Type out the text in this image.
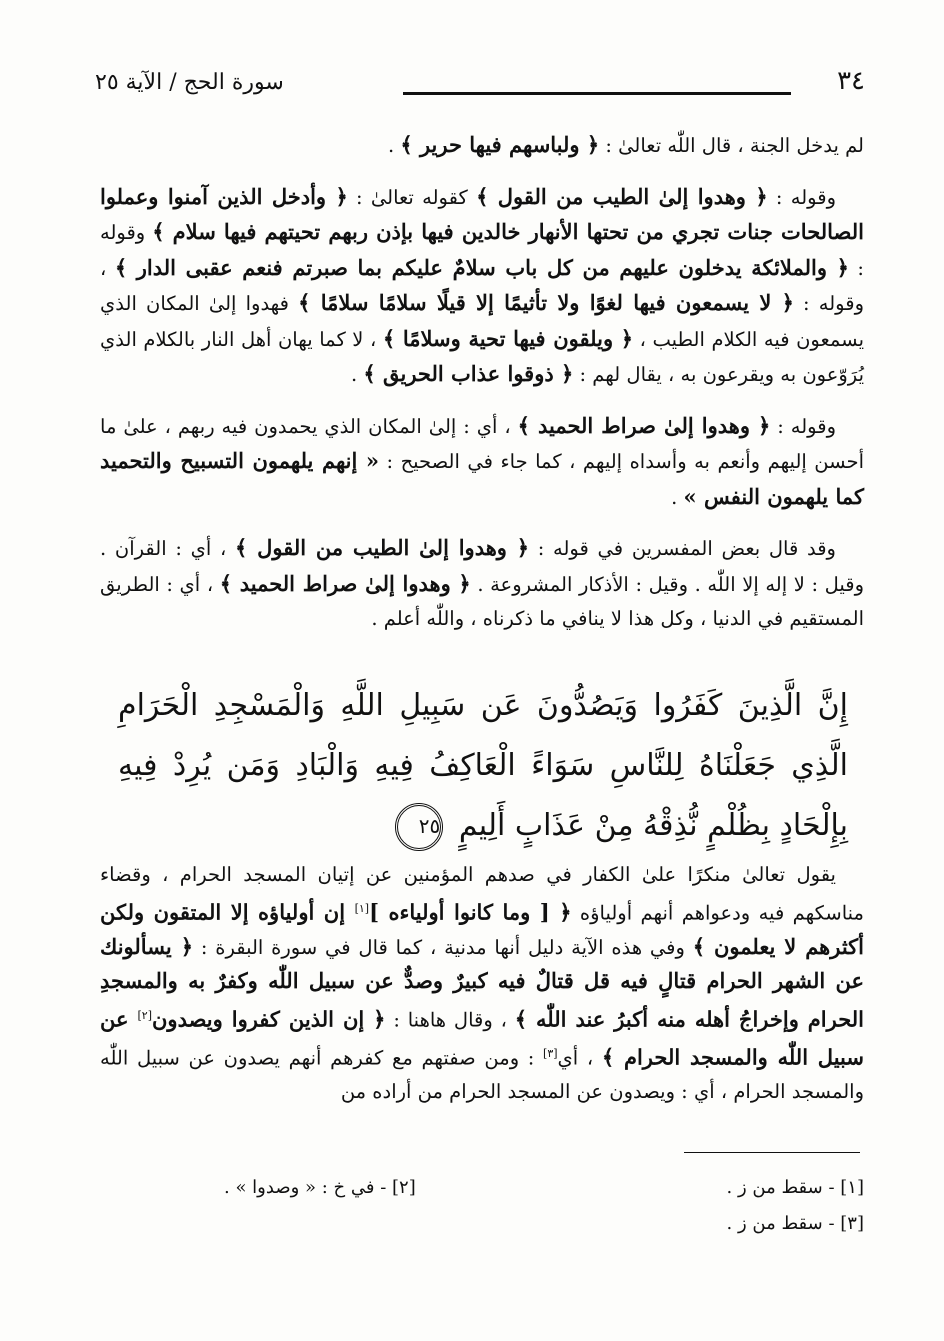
٣٤
سورة الحج / الآية ٢٥

لم يدخل الجنة ، قال اللّٰه تعالىٰ : ﴿ ولباسهم فيها حرير ﴾ .

وقوله : ﴿ وهدوا إلىٰ الطيب من القول ﴾ كقوله تعالىٰ : ﴿ وأدخل الذين آمنوا وعملوا الصالحات جنات تجري من تحتها الأنهار خالدين فيها بإذن ربهم تحيتهم فيها سلام ﴾ وقوله : ﴿ والملائكة يدخلون عليهم من كل باب سلامٌ عليكم بما صبرتم فنعم عقبى الدار ﴾ ، وقوله : ﴿ لا يسمعون فيها لغوًا ولا تأثيمًا إلا قيلًا سلامًا سلامًا ﴾ فهدوا إلىٰ المكان الذي يسمعون فيه الكلام الطيب ، ﴿ ويلقون فيها تحية وسلامًا ﴾ ، لا كما يهان أهل النار بالكلام الذي يُرَوّعون به ويقرعون به ، يقال لهم : ﴿ ذوقوا عذاب الحريق ﴾ .

وقوله : ﴿ وهدوا إلىٰ صراط الحميد ﴾ ، أي : إلىٰ المكان الذي يحمدون فيه ربهم ، علىٰ ما أحسن إليهم وأنعم به وأسداه إليهم ، كما جاء في الصحيح : « إنهم يلهمون التسبيح والتحميد كما يلهمون النفس » .

وقد قال بعض المفسرين في قوله : ﴿ وهدوا إلىٰ الطيب من القول ﴾ ، أي : القرآن . وقيل : لا إله إلا اللّٰه . وقيل : الأذكار المشروعة . ﴿ وهدوا إلىٰ صراط الحميد ﴾ ، أي : الطريق المستقيم في الدنيا ، وكل هذا لا ينافي ما ذكرناه ، واللّٰه أعلم .

إِنَّ الَّذِينَ كَفَرُوا وَيَصُدُّونَ عَن سَبِيلِ اللَّهِ وَالْمَسْجِدِ الْحَرَامِ الَّذِي جَعَلْنَاهُ لِلنَّاسِ سَوَاءً الْعَاكِفُ فِيهِ وَالْبَادِ وَمَن يُرِدْ فِيهِ بِإِلْحَادٍ بِظُلْمٍ نُّذِقْهُ مِنْ عَذَابٍ أَلِيمٍ ٢٥

يقول تعالىٰ منكرًا علىٰ الكفار في صدهم المؤمنين عن إتيان المسجد الحرام ، وقضاء مناسكهم فيه ودعواهم أنهم أولياؤه ﴿ [ وما كانوا أولياءه ][١] إن أولياؤه إلا المتقون ولكن أكثرهم لا يعلمون ﴾ وفي هذه الآية دليل أنها مدنية ، كما قال في سورة البقرة : ﴿ يسألونك عن الشهر الحرام قتالٍ فيه قل قتالٌ فيه كبيرٌ وصدٌّ عن سبيل اللّٰه وكفرٌ به والمسجدِ الحرام وإخراجُ أهله منه أكبرُ عند اللّٰه ﴾ ، وقال هاهنا : ﴿ إن الذين كفروا ويصدون[٢] عن سبيل اللّٰه والمسجد الحرام ﴾ ، أي[٣] : ومن صفتهم مع كفرهم أنهم يصدون عن سبيل اللّٰه والمسجد الحرام ، أي : ويصدون عن المسجد الحرام من أراده من

[١] - سقط من ز .
[٢] - في خ : « وصدوا » .
[٣] - سقط من ز .
